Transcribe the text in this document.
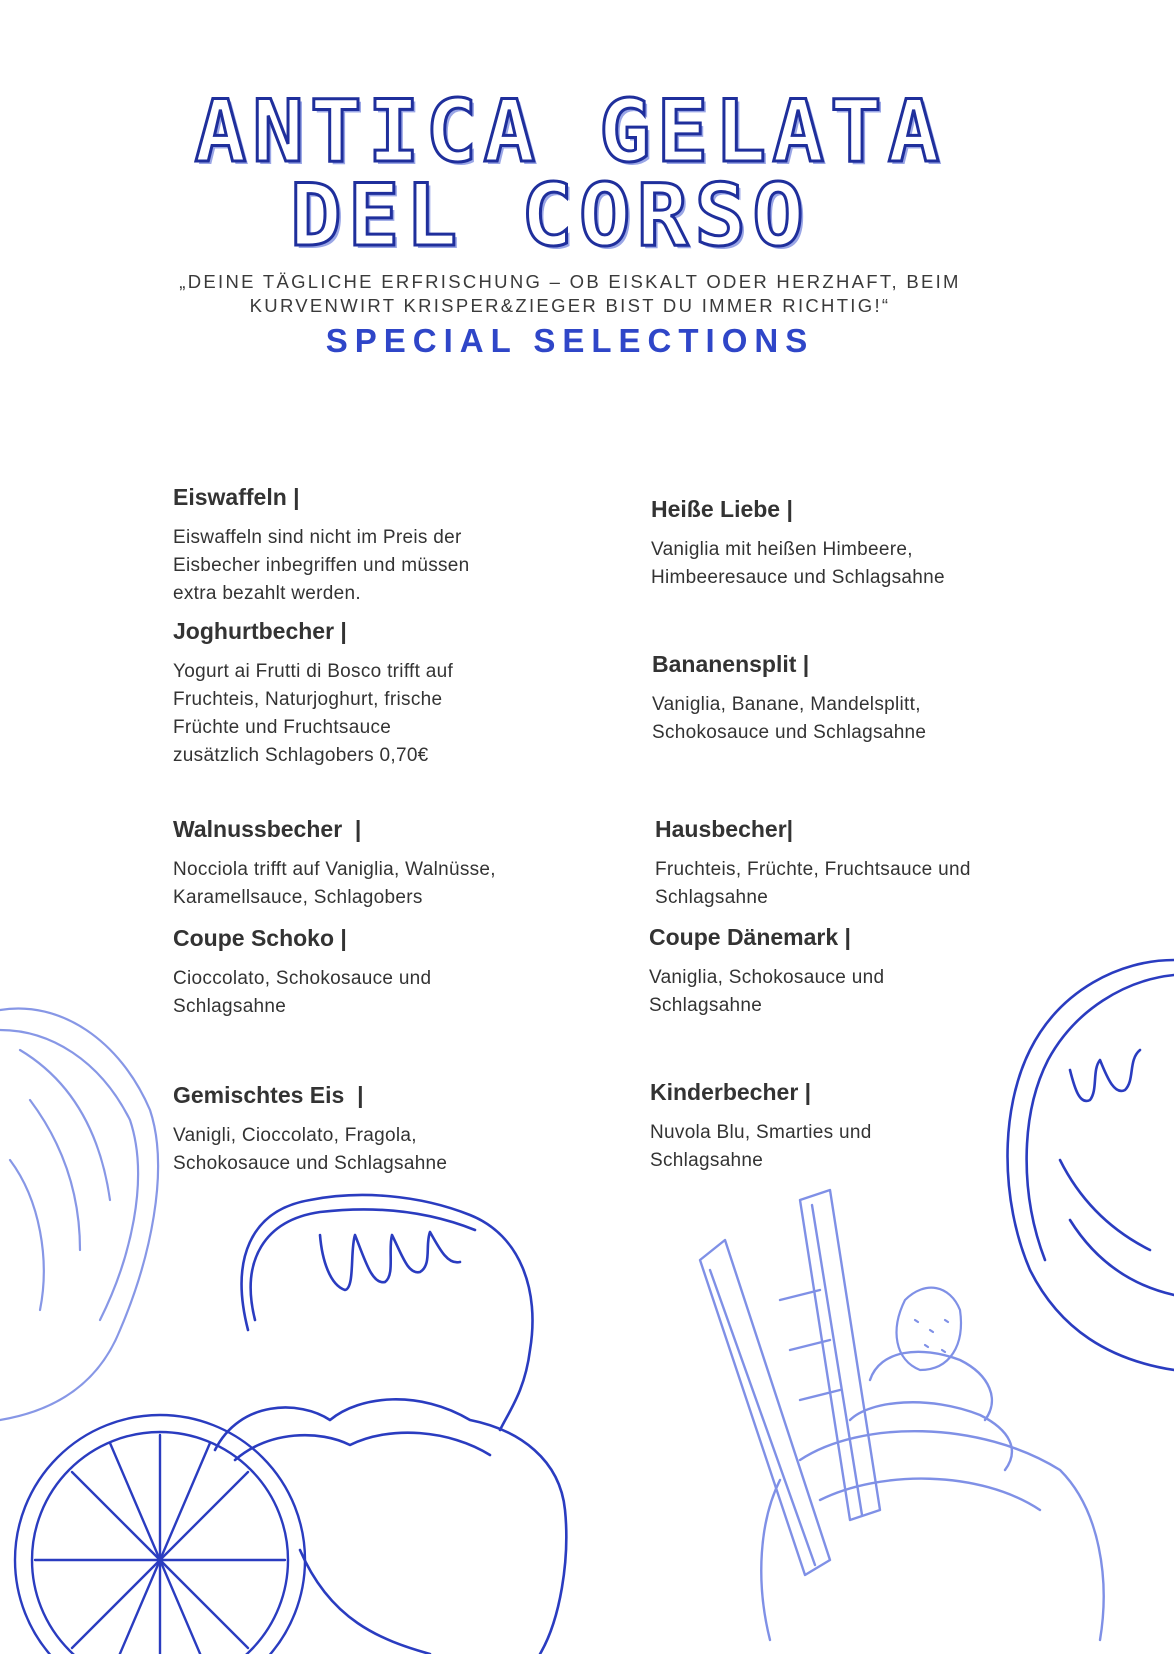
ANTICA GELATA
DEL CORSO
„DEINE TÄGLICHE ERFRISCHUNG – OB EISKALT ODER HERZHAFT, BEIM
KURVENWIRT KRISPER&ZIEGER BIST DU IMMER RICHTIG!“
SPECIAL SELECTIONS
Eiswaffeln |

Eiswaffeln sind nicht im Preis der
Eisbecher inbegriffen und müssen
extra bezahlt werden.

Joghurtbecher |

Yogurt ai Frutti di Bosco trifft auf
Fruchteis, Naturjoghurt, frische
Früchte und Fruchtsauce
zusätzlich Schlagobers 0,70€

Walnussbecher  |

Nocciola trifft auf Vaniglia, Walnüsse,
Karamellsauce, Schlagobers

Coupe Schoko |

Cioccolato, Schokosauce und
Schlagsahne

Gemischtes Eis  |

Vanigli, Cioccolato, Fragola,
Schokosauce und Schlagsahne

Heiße Liebe |

Vaniglia mit heißen Himbeere,
Himbeeresauce und Schlagsahne

Bananensplit |

Vaniglia, Banane, Mandelsplitt,
Schokosauce und Schlagsahne

Hausbecher|

Fruchteis, Früchte, Fruchtsauce und
Schlagsahne

Coupe Dänemark |

Vaniglia, Schokosauce und
Schlagsahne

Kinderbecher |

Nuvola Blu, Smarties und
Schlagsahne
